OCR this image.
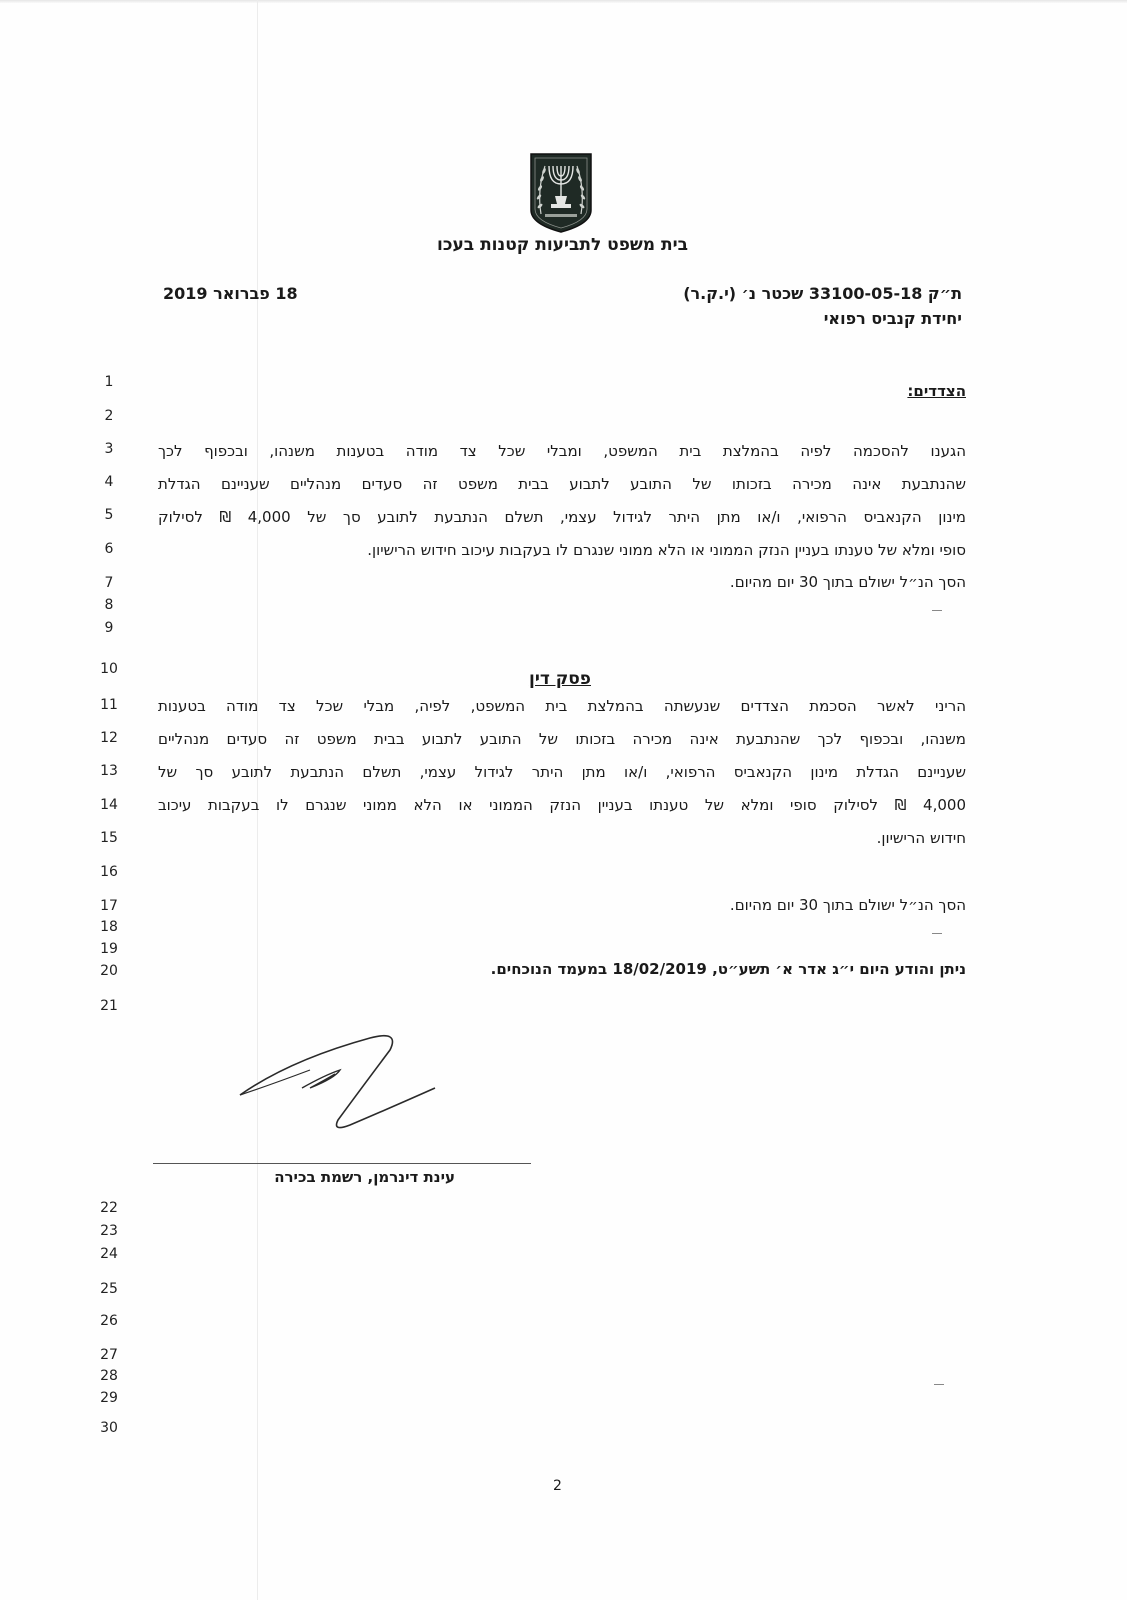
בית משפט לתביעות קטנות בעכו
ת״ק 33100-05-18 שכטר נ׳ (י.ק.ר)
יחידת קנביס רפואי
18 פברואר 2019
הצדדים:
הגענו להסכמה לפיה בהמלצת בית המשפט, ומבלי שכל צד מודה בטענות משנהו, ובכפוף לכך
שהנתבעת אינה מכירה בזכותו של התובע לתבוע בבית משפט זה סעדים מנהליים שעניינם הגדלת
מינון הקנאביס הרפואי, ו/או מתן היתר לגידול עצמי, תשלם הנתבעת לתובע סך של 4,000 ₪ לסילוק
סופי ומלא של טענתו בעניין הנזק הממוני או הלא ממוני שנגרם לו בעקבות עיכוב חידוש הרישיון.
הסך הנ״ל ישולם בתוך 30 יום מהיום.
פסק דין
הריני לאשר הסכמת הצדדים שנעשתה בהמלצת בית המשפט, לפיה, מבלי שכל צד מודה בטענות
משנהו, ובכפוף לכך שהנתבעת אינה מכירה בזכותו של התובע לתבוע בבית משפט זה סעדים מנהליים
שעניינם הגדלת מינון הקנאביס הרפואי, ו/או מתן היתר לגידול עצמי, תשלם הנתבעת לתובע סך של
4,000 ₪ לסילוק סופי ומלא של טענתו בעניין הנזק הממוני או הלא ממוני שנגרם לו בעקבות עיכוב
חידוש הרישיון.
הסך הנ״ל ישולם בתוך 30 יום מהיום.
ניתן והודע היום י״ג אדר א׳ תשע״ט, 18/02/2019 במעמד הנוכחים.
עינת דינרמן, רשמת בכירה
1
2
3
4
5
6
7
8
9
10
11
12
13
14
15
16
17
18
19
20
21
22
23
24
25
26
27
28
29
30
2
